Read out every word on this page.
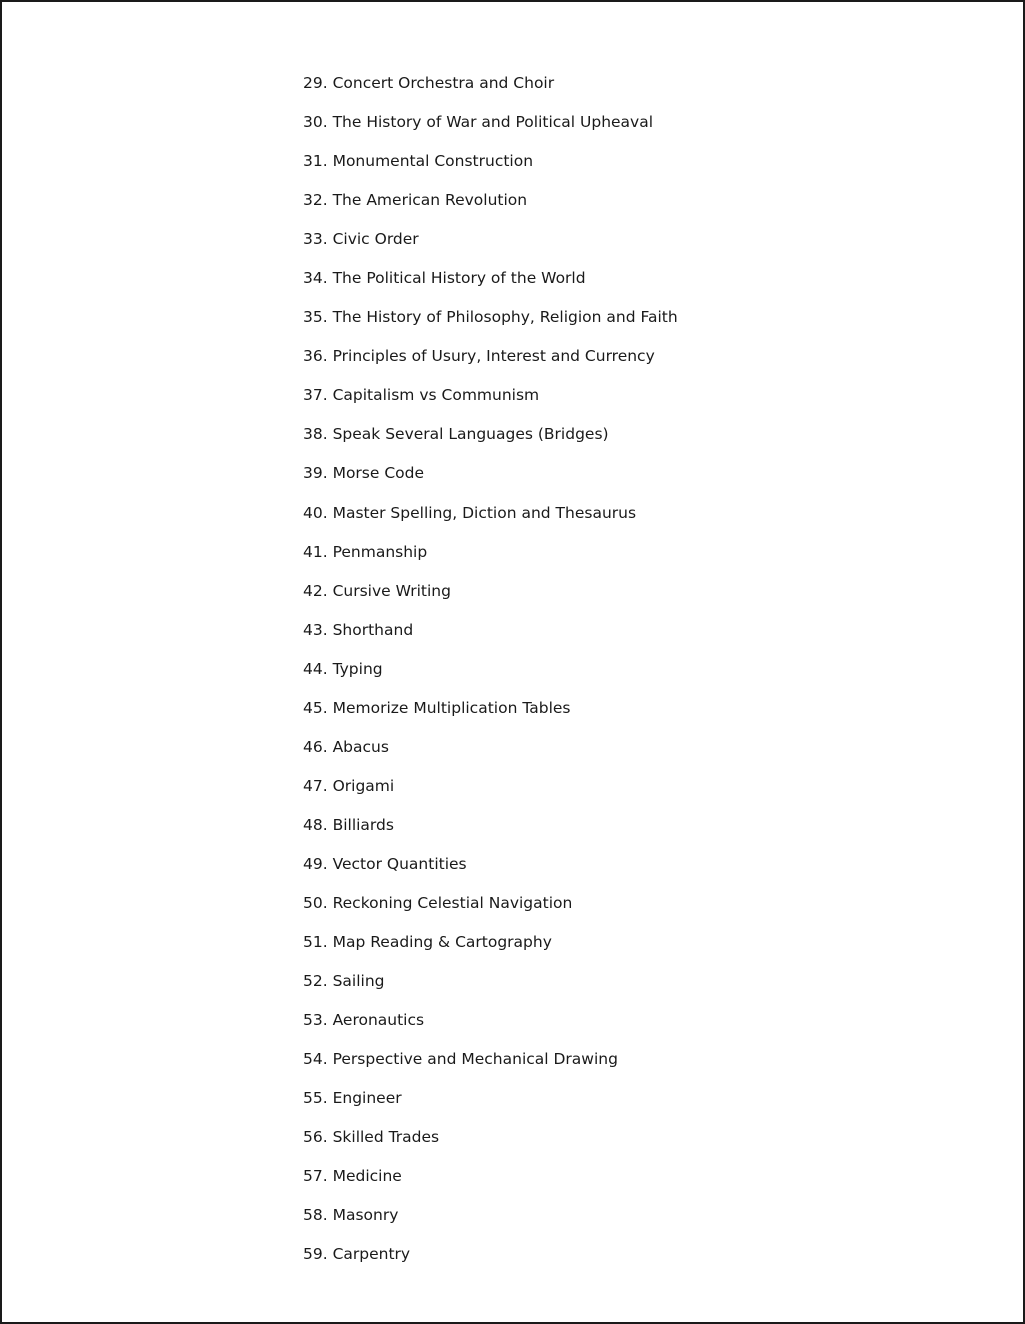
29. Concert Orchestra and Choir
30. The History of War and Political Upheaval
31. Monumental Construction
32. The American Revolution
33. Civic Order
34. The Political History of the World
35. The History of Philosophy, Religion and Faith
36. Principles of Usury, Interest and Currency
37. Capitalism vs Communism
38. Speak Several Languages (Bridges)
39. Morse Code
40. Master Spelling, Diction and Thesaurus
41. Penmanship
42. Cursive Writing
43. Shorthand
44. Typing
45. Memorize Multiplication Tables
46. Abacus
47. Origami
48. Billiards
49. Vector Quantities
50. Reckoning Celestial Navigation
51. Map Reading & Cartography
52. Sailing
53. Aeronautics
54. Perspective and Mechanical Drawing
55. Engineer
56. Skilled Trades
57. Medicine
58. Masonry
59. Carpentry
